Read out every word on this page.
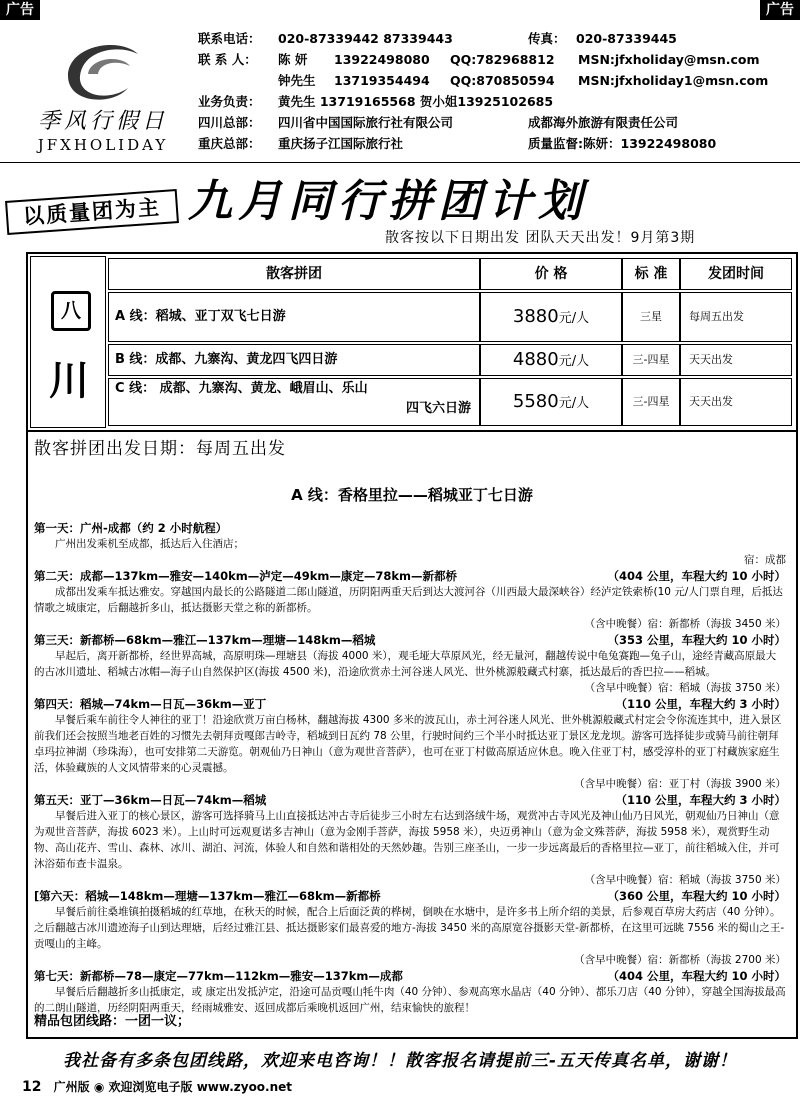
广告	广告
季风行假日
JFXHOLIDAY
联系电话： 020-87339442 87339443	传真： 020-87339445
联 系 人： 陈 妍 13922498080 QQ:782968812 MSN:jfxholiday@msn.com
钟先生 13719354494 QQ:870850594 MSN:jfxholiday1@msn.com
业务负责： 黄先生 13719165568 贺小姐13925102685
四川总部： 四川省中国国际旅行社有限公司	成都海外旅游有限责任公司
重庆总部： 重庆扬子江国际旅行社	质量监督:陈妍：13922498080
以质量团为主 九月同行拼团计划
散客按以下日期出发 团队天天出发！9月第3期
八
川
散客拼团	价 格	标 准	发团时间
A 线：稻城、亚丁双飞七日游	3880元/人	三星	每周五出发
B 线：成都、九寨沟、黄龙四飞四日游	4880元/人	三-四星	天天出发
C 线： 成都、九寨沟、黄龙、峨眉山、乐山
四飞六日游	5580元/人	三-四星	天天出发
散客拼团出发日期：每周五出发
A 线：香格里拉——稻城亚丁七日游
第一天：广州-成都（约 2 小时航程）
广州出发乘机至成都，抵达后入住酒店；
宿：成都
第二天：成都—137km—雅安—140km—泸定—49km—康定—78km—新都桥	（404 公里，车程大约 10 小时）
成都出发乘车抵达雅安。穿越国内最长的公路隧道二郎山隧道，历阴阳两重天后到达大渡河谷（川西最大最深峡谷）经泸定铁索桥(10 元/人门票自理，后抵达情歌之城康定，后翻越折多山，抵达摄影天堂之称的新都桥。
（含中晚餐）宿：新都桥（海拔 3450 米）
第三天：新都桥—68km—雅江—137km—理塘—148km—稻城	（353 公里，车程大约 10 小时）
早起后，离开新都桥，经世界高城，高原明珠—理塘县（海拔 4000 米），观毛垭大草原风光，经无量河，翻越传说中龟兔赛跑—兔子山，途经青藏高原最大的古冰川遗址、稻城古冰帽—海子山自然保护区(海拔 4500 米)，沿途欣赏赤土河谷迷人风光、世外桃源般藏式村寨，抵达最后的香巴拉——稻城。
（含早中晚餐）宿：稻城（海拔 3750 米）
第四天：稻城—74km—日瓦—36km—亚丁	（110 公里，车程大约 3 小时）
早餐后乘车前往令人神往的亚丁！沿途欣赏万亩白杨林，翻越海拔 4300 多米的波瓦山，赤土河谷迷人风光、世外桃源般藏式村定会令你流连其中，进入景区前我们还会按照当地老百姓的习惯先去朝拜贡嘎郎吉岭寺，稻城到日瓦约 78 公里，行驶时间约三个半小时抵达亚丁景区龙龙坝。游客可选择徒步或骑马前往朝拜卓玛拉神湖（珍珠海），也可安排第二天游览。朝观仙乃日神山（意为观世音菩萨），也可在亚丁村做高原适应休息。晚入住亚丁村，感受淳朴的亚丁村藏族家庭生活，体验藏族的人文风情带来的心灵震撼。
（含早中晚餐）宿：亚丁村（海拔 3900 米）
第五天：亚丁—36km—日瓦—74km—稻城	（110 公里，车程大约 3 小时）
早餐后进入亚丁的核心景区，游客可选择骑马上山直接抵达冲古寺后徒步三小时左右达到洛绒牛场，观赏冲古寺风光及神山仙乃日风光，朝观仙乃日神山（意为观世音菩萨，海拔 6023 米）。上山时可远观夏诺多吉神山（意为金刚手菩萨，海拔 5958 米），央迈勇神山（意为金文殊菩萨，海拔 5958 米），观赏野生动物、高山花卉、雪山、森林、冰川、湖泊、河流，体验人和自然和谐相处的天然妙趣。告别三座圣山，一步一步远离最后的香格里拉—亚丁，前往稻城入住，并可沐浴茹布查卡温泉。
（含早中晚餐）宿：稻城（海拔 3750 米）
[第六天：稻城—148km—理塘—137km—雅江—68km—新都桥	（360 公里，车程大约 10 小时）
早餐后前往桑堆镇拍摄稻城的红草地，在秋天的时候，配合上后面泛黄的桦树，倒映在水塘中，是许多书上所介绍的美景，后参观百草房大药店（40 分钟）。之后翻越古冰川遗迹海子山到达理塘，后经过雅江县、抵达摄影家们最喜爱的地方-海拔 3450 米的高原宽谷摄影天堂-新都桥，在这里可远眺 7556 米的蜀山之王-贡嘎山的主峰。
（含早中晚餐）宿：新都桥（海拔 2700 米）
第七天：新都桥—78—康定—77km—112km—雅安—137km—成都	（404 公里，车程大约 10 小时）
早餐后后翻越折多山抵康定，或 康定出发抵泸定，沿途可品贡嘎山牦牛肉（40 分钟）、参观高寒水晶店（40 分钟）、都乐刀店（40 分钟），穿越全国海拔最高的二朗山隧道，历经阴阳两重天，经雨城雅安、返回成都后乘晚机返回广州，结束愉快的旅程！
精品包团线路：一团一议；
我社备有多条包团线路，欢迎来电咨询！！散客报名请提前三-五天传真名单，谢谢！
12 广州版 ◉ 欢迎浏览电子版 www.zyoo.net
